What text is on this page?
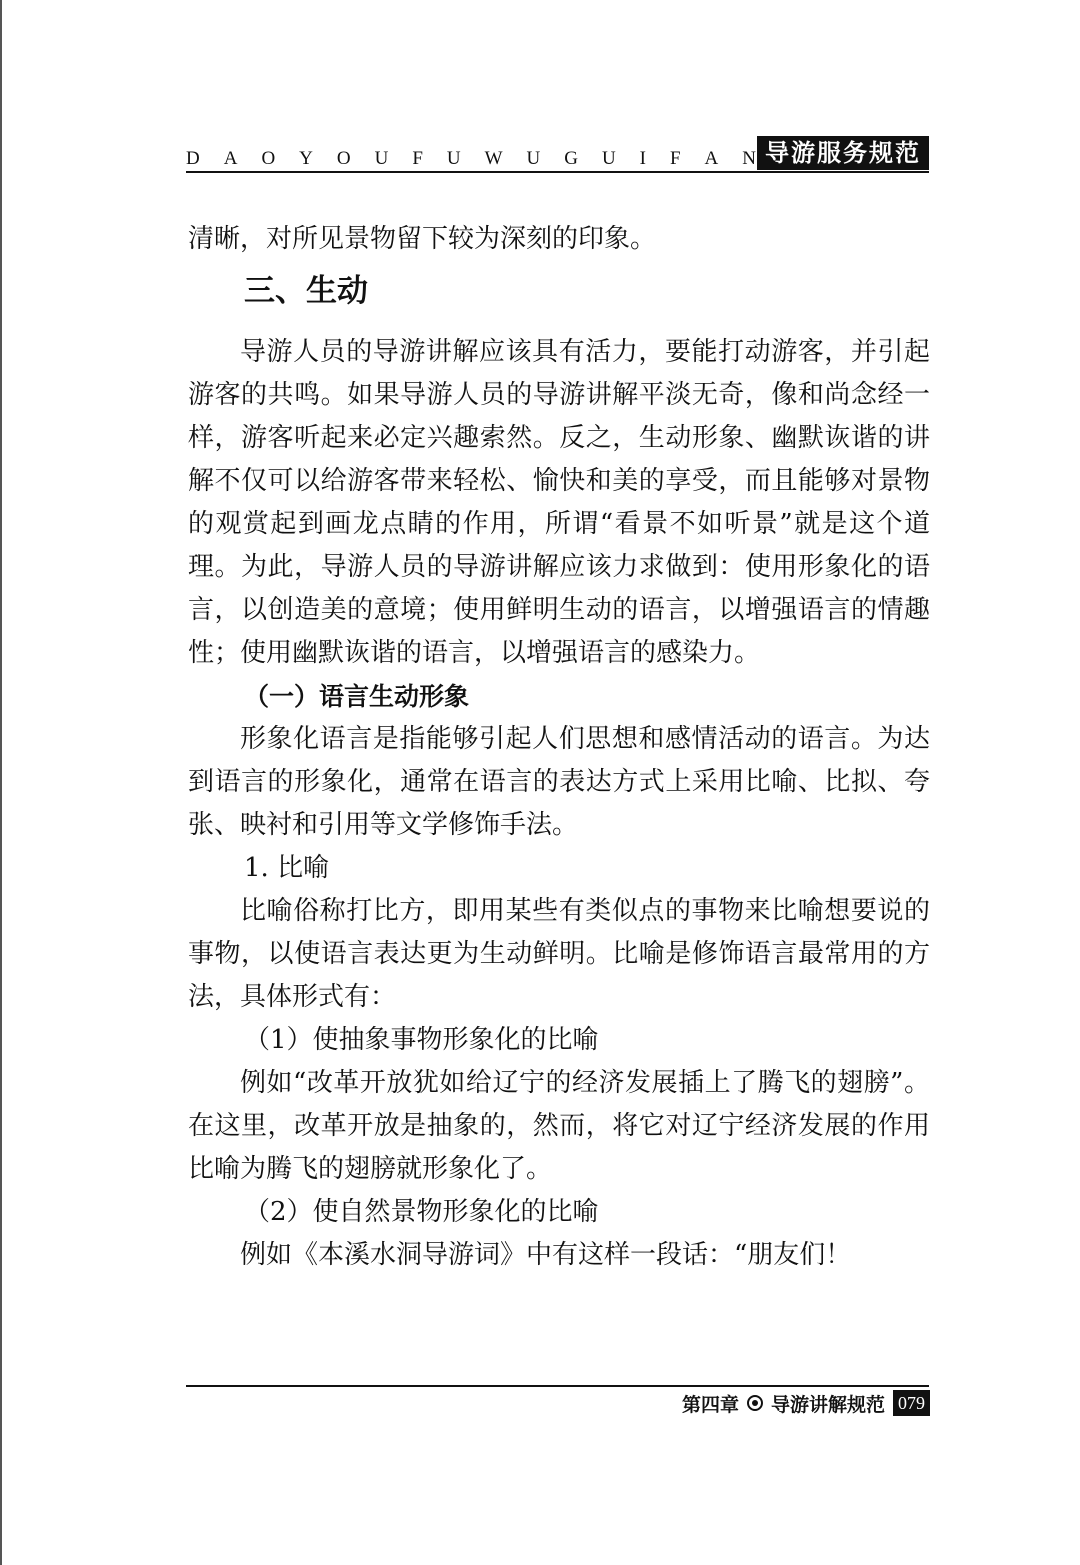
D A O Y O U F U W U G U I F A N 导游服务规范

清晰，对所见景物留下较为深刻的印象。

三、生动

导游人员的导游讲解应该具有活力，要能打动游客，并引起游客的共鸣。如果导游人员的导游讲解平淡无奇，像和尚念经一样，游客听起来必定兴趣索然。反之，生动形象、幽默诙谐的讲解不仅可以给游客带来轻松、愉快和美的享受，而且能够对景物的观赏起到画龙点睛的作用，所谓“看景不如听景”就是这个道理。为此，导游人员的导游讲解应该力求做到：使用形象化的语言，以创造美的意境；使用鲜明生动的语言，以增强语言的情趣性；使用幽默诙谐的语言，以增强语言的感染力。

（一）语言生动形象

形象化语言是指能够引起人们思想和感情活动的语言。为达到语言的形象化，通常在语言的表达方式上采用比喻、比拟、夸张、映衬和引用等文学修饰手法。

1. 比喻

比喻俗称打比方，即用某些有类似点的事物来比喻想要说的事物，以使语言表达更为生动鲜明。比喻是修饰语言最常用的方法，具体形式有：

（1）使抽象事物形象化的比喻

例如“改革开放犹如给辽宁的经济发展插上了腾飞的翅膀”。在这里，改革开放是抽象的，然而，将它对辽宁经济发展的作用比喻为腾飞的翅膀就形象化了。

（2）使自然景物形象化的比喻

例如《本溪水洞导游词》中有这样一段话：“朋友们！

第四章 导游讲解规范 079
